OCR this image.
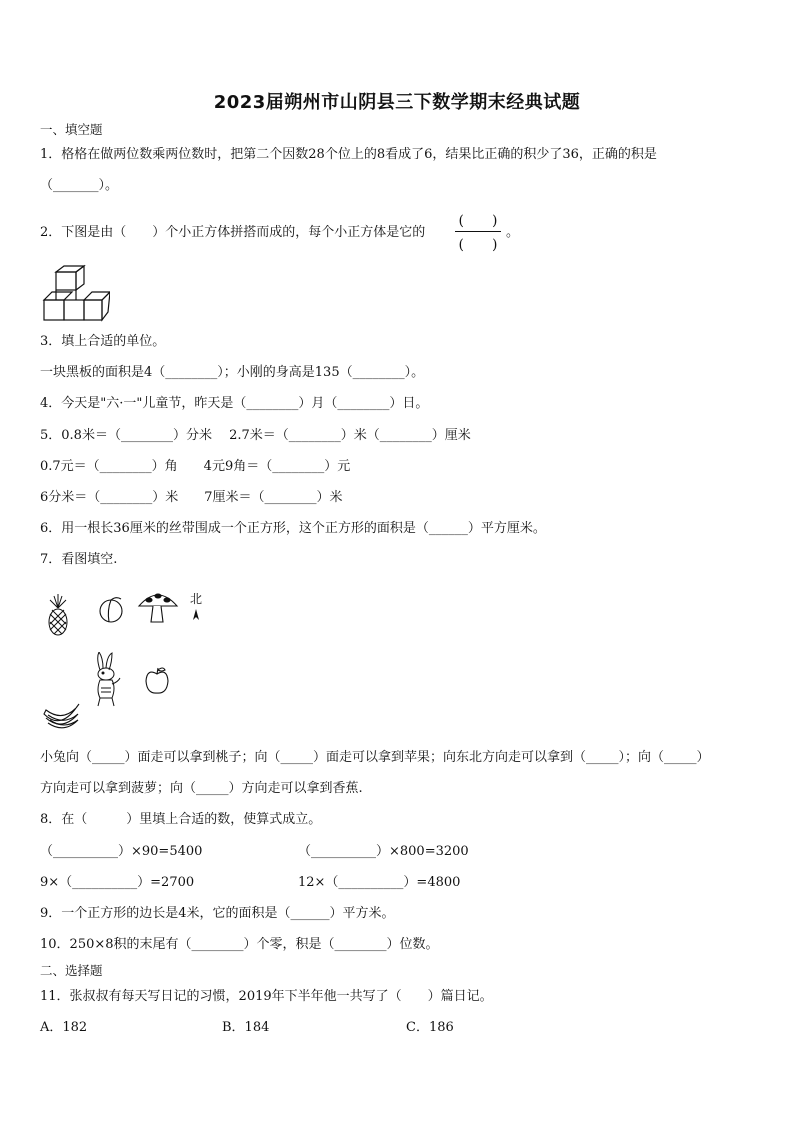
2023届朔州市山阴县三下数学期末经典试题
一、填空题
1．格格在做两位数乘两位数时，把第二个因数28个位上的8看成了6，结果比正确的积少了36，正确的积是
（_______）。
2．下图是由（　　）个小正方体拼搭而成的，每个小正方体是它的
(　　)
(　　)
。
3．填上合适的单位。
一块黑板的面积是4（________）；小刚的身高是135（________）。
4．今天是"六·一"儿童节，昨天是（________）月（________）日。
5．0.8米＝（________）分米　 2.7米＝（________）米（________）厘米
0.7元＝（________）角　　4元9角＝（________）元
6分米＝（________）米　　7厘米＝（________）米
6．用一根长36厘米的丝带围成一个正方形，这个正方形的面积是（______）平方厘米。
7．看图填空.
北
小兔向（_____）面走可以拿到桃子；向（_____）面走可以拿到苹果；向东北方向走可以拿到（_____）；向（_____）
方向走可以拿到菠萝；向（_____）方向走可以拿到香蕉.
8．在（　　　）里填上合适的数，使算式成立。
（__________）×90=5400	（__________）×800=3200
9×（__________）=2700	12×（__________）=4800
9．一个正方形的边长是4米，它的面积是（______）平方米。
10．250×8积的末尾有（________）个零，积是（________）位数。
二、选择题
11．张叔叔有每天写日记的习惯，2019年下半年他一共写了（　　）篇日记。
A．182	B．184	C．186
